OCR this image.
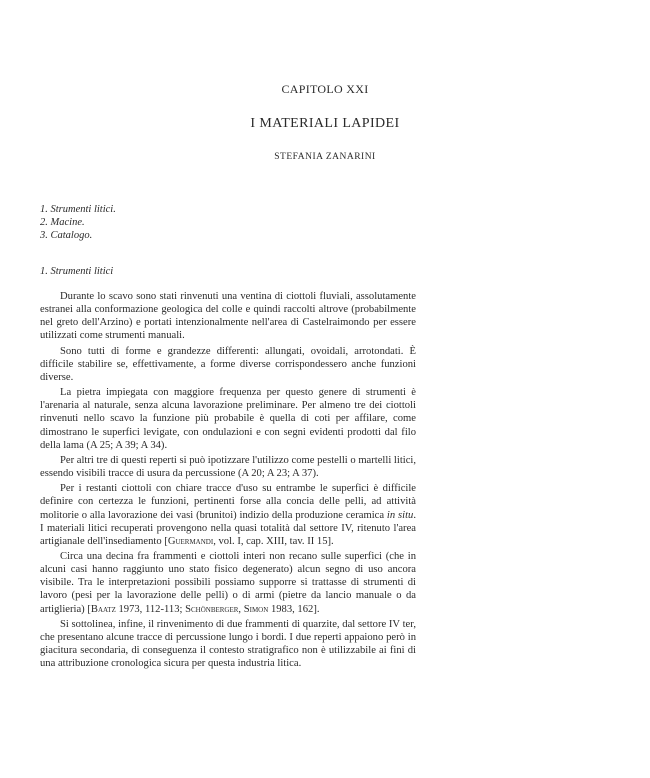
CAPITOLO XXI
I MATERIALI LAPIDEI
STEFANIA ZANARINI
1. Strumenti litici.
2. Macine.
3. Catalogo.
1. Strumenti litici

Durante lo scavo sono stati rinvenuti una ventina di ciottoli fluviali, assolutamente estranei alla conformazione geologica del colle e quindi raccolti altrove (probabilmente nel greto dell'Arzino) e portati intenzionalmente nell'area di Castelraimondo per essere utilizzati come strumenti manuali.

Sono tutti di forme e grandezze differenti: allungati, ovoidali, arrotondati. È difficile stabilire se, effettivamente, a forme diverse corrispondessero anche funzioni diverse.

La pietra impiegata con maggiore frequenza per questo genere di strumenti è l'arenaria al naturale, senza alcuna lavorazione preliminare. Per almeno tre dei ciottoli rinvenuti nello scavo la funzione più probabile è quella di coti per affilare, come dimostrano le superfici levigate, con ondulazioni e con segni evidenti prodotti dal filo della lama (A 25; A 39; A 34).

Per altri tre di questi reperti si può ipotizzare l'utilizzo come pestelli o martelli litici, essendo visibili tracce di usura da percussione (A 20; A 23; A 37).

Per i restanti ciottoli con chiare tracce d'uso su entrambe le superfici è difficile definire con certezza le funzioni, pertinenti forse alla concia delle pelli, ad attività molitorie o alla lavorazione dei vasi (brunitoi) indizio della produzione ceramica in situ. I materiali litici recuperati provengono nella quasi totalità dal settore IV, ritenuto l'area artigianale dell'insediamento [Guermandi, vol. I, cap. XIII, tav. II 15].

Circa una decina fra frammenti e ciottoli interi non recano sulle superfici (che in alcuni casi hanno raggiunto uno stato fisico degenerato) alcun segno di uso ancora visibile. Tra le interpretazioni possibili possiamo supporre si trattasse di strumenti di lavoro (pesi per la lavorazione delle pelli) o di armi (pietre da lancio manuale o da artiglieria) [Baatz 1973, 112-113; Schönberger, Simon 1983, 162].

Si sottolinea, infine, il rinvenimento di due frammenti di quarzite, dal settore IV ter, che presentano alcune tracce di percussione lungo i bordi. I due reperti appaiono però in giacitura secondaria, di conseguenza il contesto stratigrafico non è utilizzabile ai fini di una attribuzione cronologica sicura per questa industria litica.
